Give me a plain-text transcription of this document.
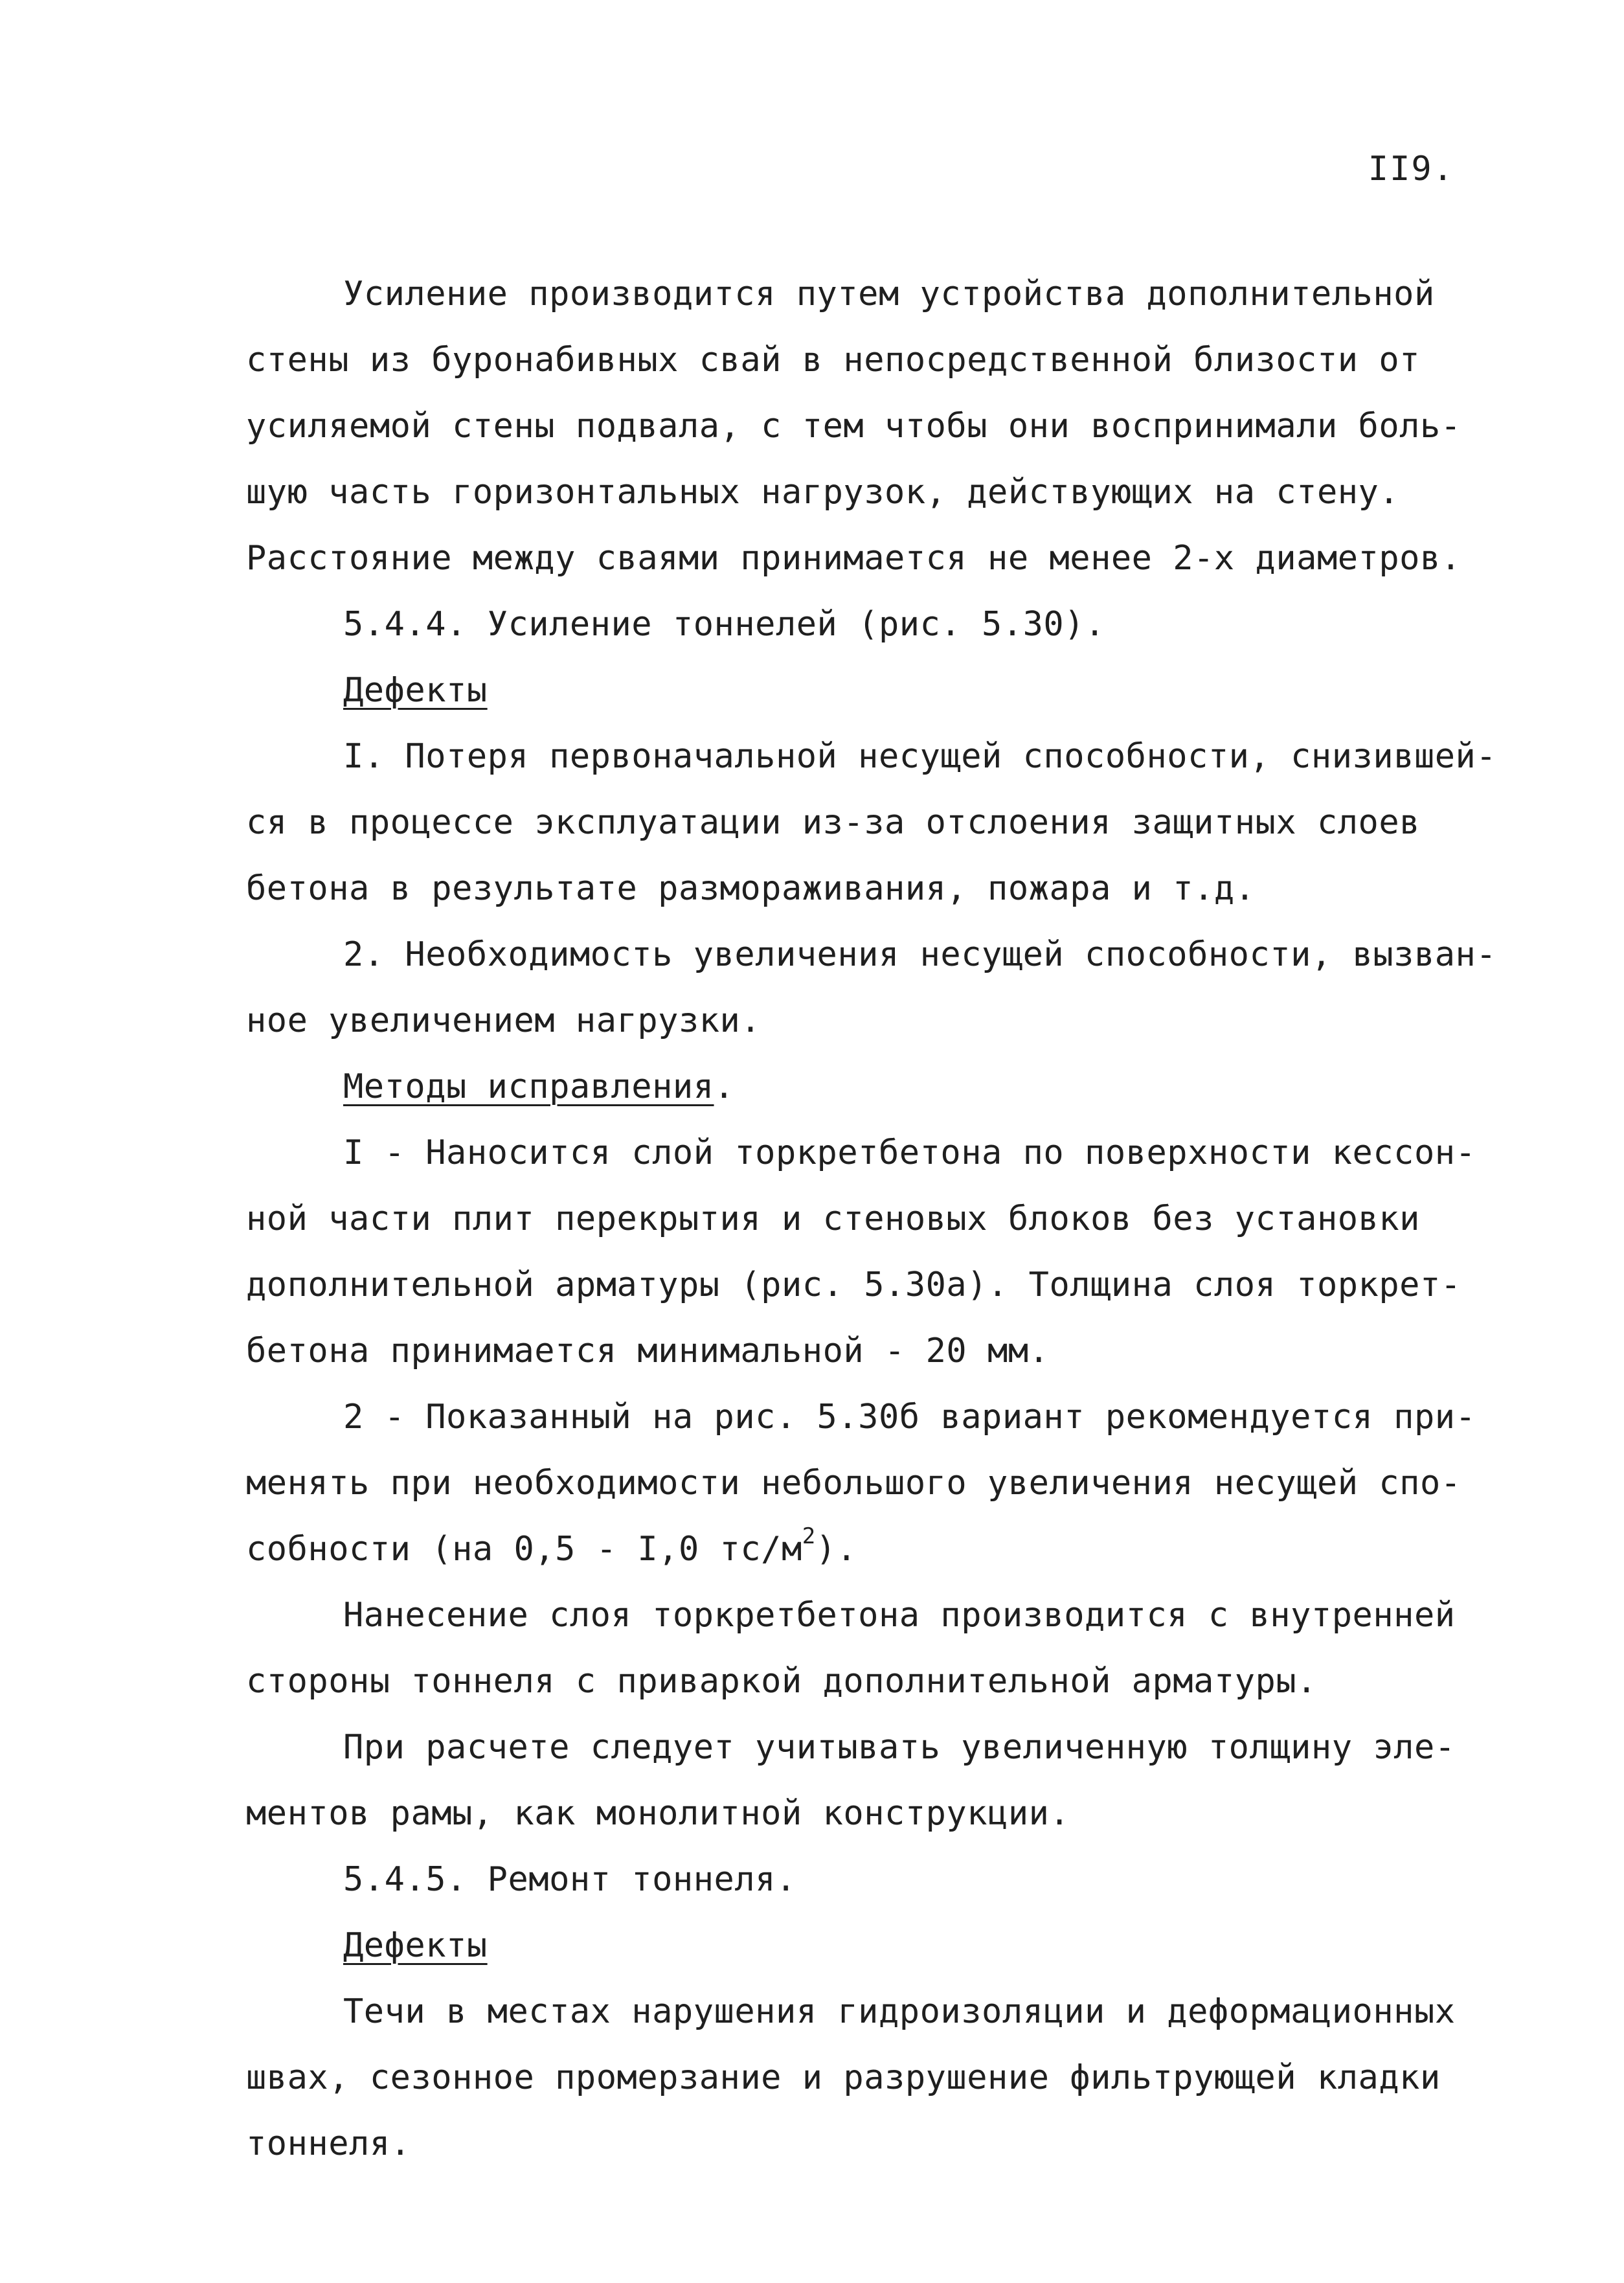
II9.
Усиление производится путем устройства дополнительной
стены из буронабивных свай в непосредственной близости от
усиляемой стены подвала, с тем чтобы они воспринимали боль-
шую часть горизонтальных нагрузок, действующих на стену.
Расстояние между сваями принимается не менее 2-х диаметров.
5.4.4. Усиление тоннелей (рис. 5.30).
Дефекты
I. Потеря первоначальной несущей способности, снизившей-
ся в процессе эксплуатации из-за отслоения защитных слоев
бетона в результате размораживания, пожара и т.д.
2. Необходимость увеличения несущей способности, вызван-
ное увеличением нагрузки.
Методы исправления.
I - Наносится слой торкретбетона по поверхности кессон-
ной части плит перекрытия и стеновых блоков без установки
дополнительной арматуры (рис. 5.30а). Толщина слоя торкрет-
бетона принимается минимальной - 20 мм.
2 - Показанный на рис. 5.30б вариант рекомендуется при-
менять при необходимости небольшого увеличения несущей спо-
собности (на 0,5 - I,0 $тс/м^2$).
Нанесение слоя торкретбетона производится с внутренней
стороны тоннеля с приваркой дополнительной арматуры.
При расчете следует учитывать увеличенную толщину эле-
ментов рамы, как монолитной конструкции.
5.4.5. Ремонт тоннеля.
Дефекты
Течи в местах нарушения гидроизоляции и деформационных
швах, сезонное промерзание и разрушение фильтрующей кладки
тоннеля.
